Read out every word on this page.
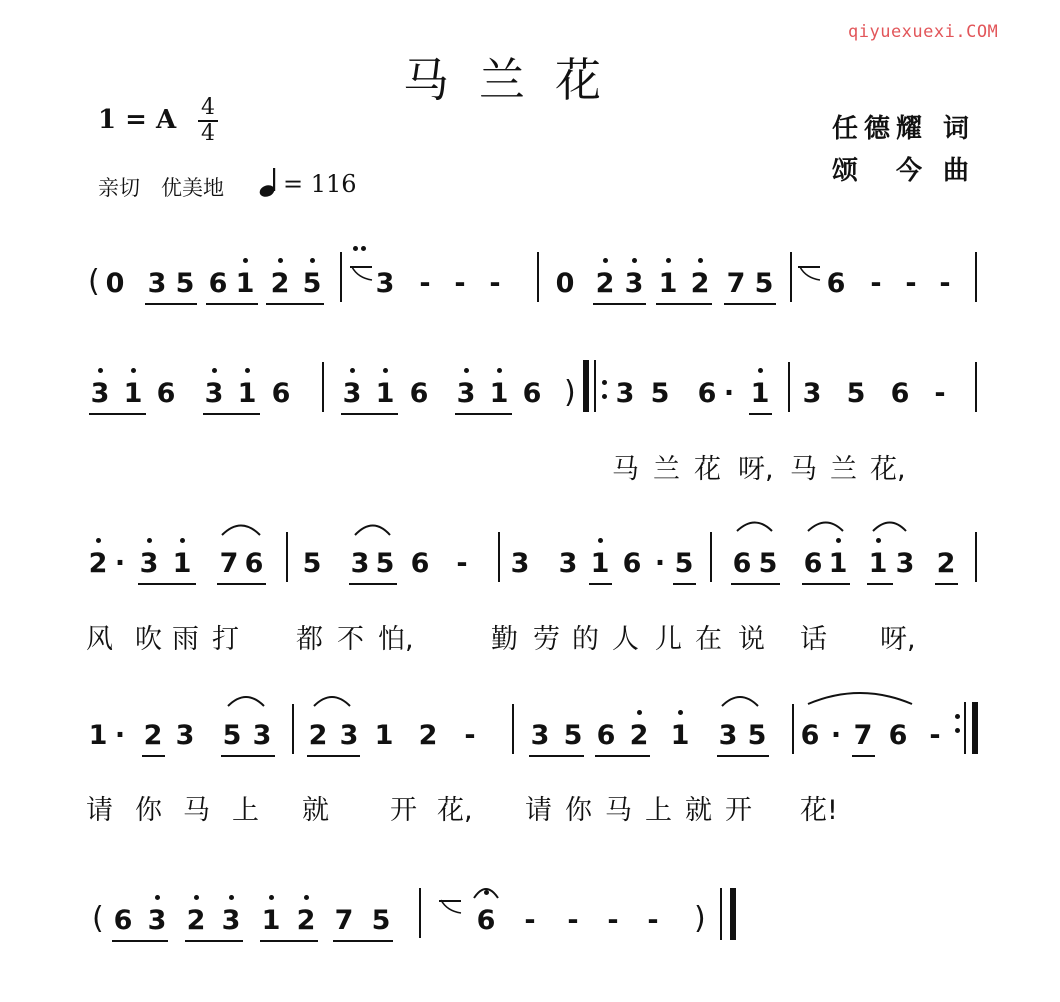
qiyuexuexi.COM
马兰花
1 = A 4
4
亲切　优美地 = 116
任德耀 词
颂　今 曲
( 0 3 5 6 1 2 5 3 - - - 0 2 3 1 2 7 5 6 - - -
3 1 6 3 1 6 3 1 6 3 1 6	3 5 6 · 1 3 5 6 -
)
马 兰 花 呀, 马 兰 花,
2 · 3 1 7 6 5 3 5 6 - 3 3 1 6 · 5 6 5 6 1 1 3 2
风 吹 雨 打 都 不 怕,	勤 劳 的 人 儿 在 说 话 呀,
1 · 2 3 5 3 2 3 1 2 - 3 5 6 2 1 3 5 6 · 7 6 -
请 你 马 上 就 开 花, 请 你 马 上 就 开 花!
( 6 3 2 3 1 2 7 5	6 - - - - )
